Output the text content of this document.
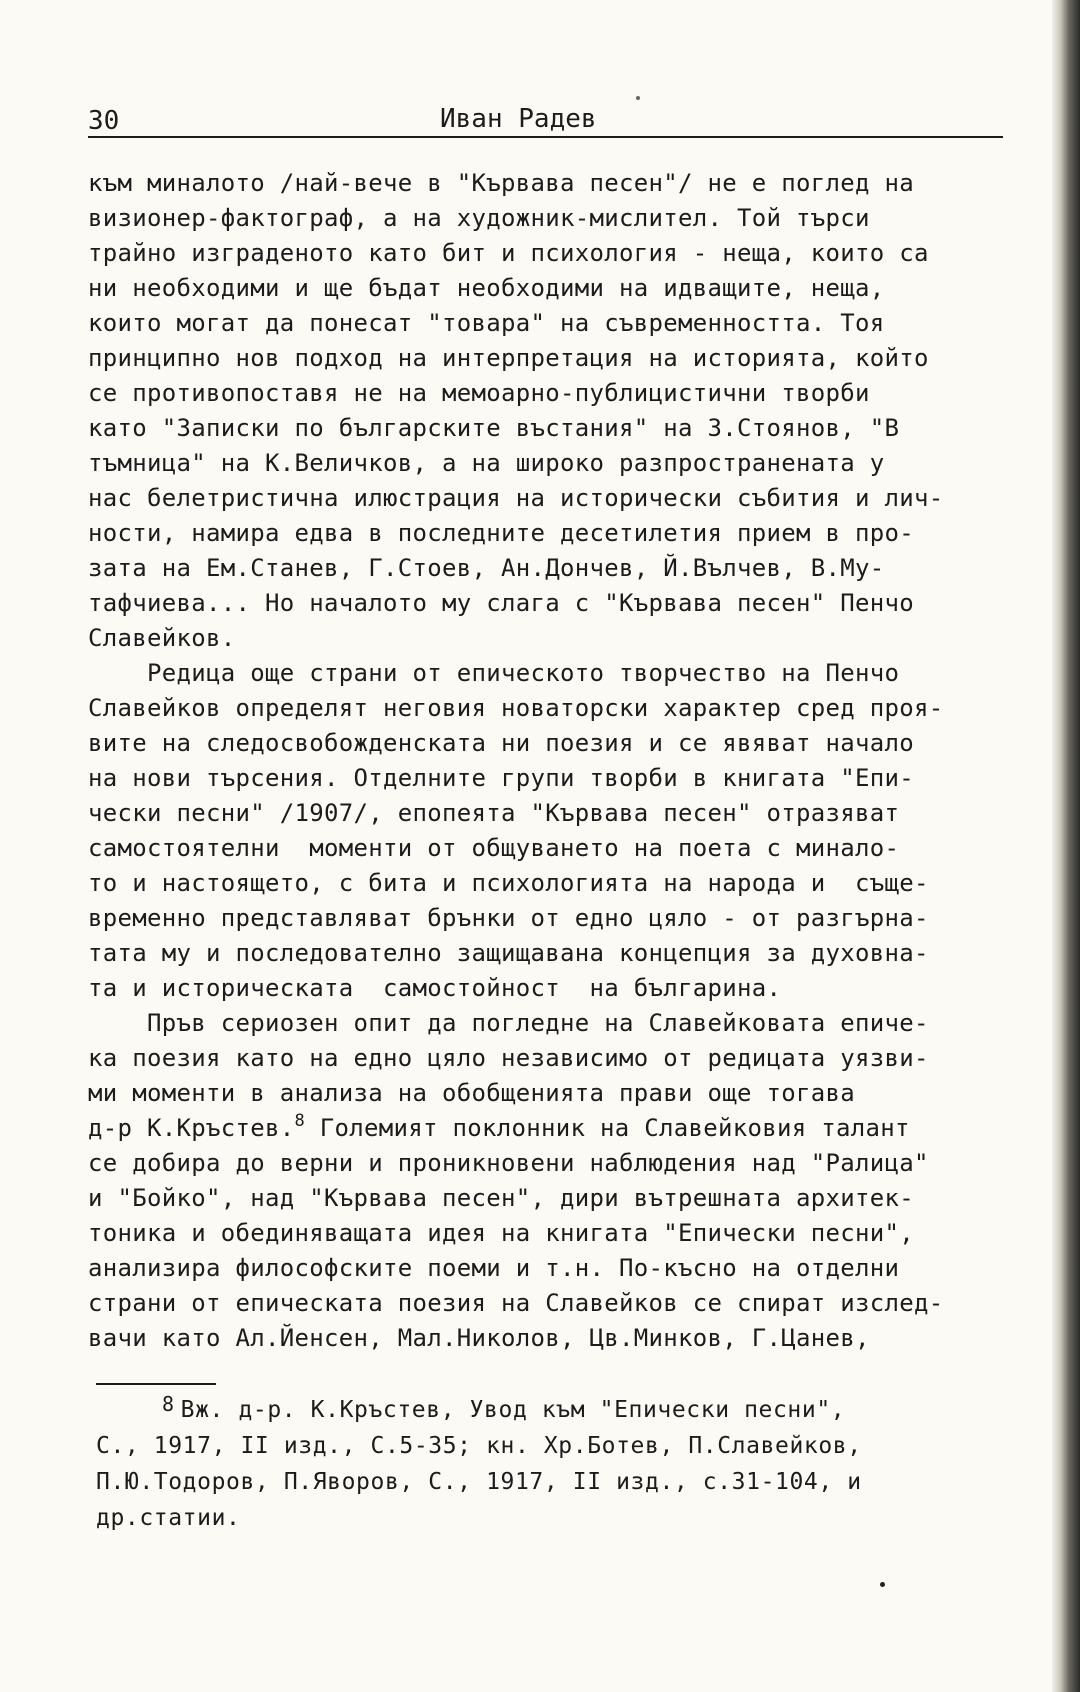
30	Иван Радев
към миналото /най-вече в "Кървава песен"/ не е поглед на
визионер-фактограф, а на художник-мислител. Той търси
трайно изграденото като бит и психология - неща, които са
ни необходими и ще бъдат необходими на идващите, неща,
които могат да понесат "товара" на съвременността. Тоя
принципно нов подход на интерпретация на историята, който
се противопоставя не на мемоарно-публицистични творби
като "Записки по българските въстания" на З.Стоянов, "В
тъмница" на К.Величков, а на широко разпространената у
нас белетристична илюстрация на исторически събития и лич-
ности, намира едва в последните десетилетия прием в про-
зата на Ем.Станев, Г.Стоев, Ан.Дончев, Й.Вълчев, В.Му-
тафчиева... Но началото му слага с "Кървава песен" Пенчо
Славейков.
Редица още страни от епическото творчество на Пенчо
Славейков определят неговия новаторски характер сред проя-
вите на следосвобожденската ни поезия и се явяват начало
на нови търсения. Отделните групи творби в книгата "Епи-
чески песни" /1907/, епопеята "Кървава песен" отразяват
самостоятелни  моменти от общуването на поета с минало-
то и настоящето, с бита и психологията на народа и  съще-
временно представляват брънки от едно цяло - от разгърна-
тата му и последователно защищавана концепция за духовна-
та и историческата  самостойност  на българина.
Пръв сериозен опит да погледне на Славейковата епиче-
ка поезия като на едно цяло независимо от редицата уязви-
ми моменти в анализа на обобщенията прави още тогава
д-р К.Кръстев.$^8$ Големият поклонник на Славейковия талант
се добира до верни и проникновени наблюдения над "Ралица"
и "Бойко", над "Кървава песен", дири вътрешната архитек-
тоника и обединяващата идея на книгата "Епически песни",
анализира философските поеми и т.н. По-късно на отделни
страни от епическата поезия на Славейков се спират изслед-
вачи като Ал.Йенсен, Мал.Николов, Цв.Минков, Г.Цанев,
8 Вж. д-р. К.Кръстев, Увод към "Епически песни",
С., 1917, II изд., С.5-35; кн. Хр.Ботев, П.Славейков,
П.Ю.Тодоров, П.Яворов, С., 1917, II изд., с.31-104, и
др.статии.
